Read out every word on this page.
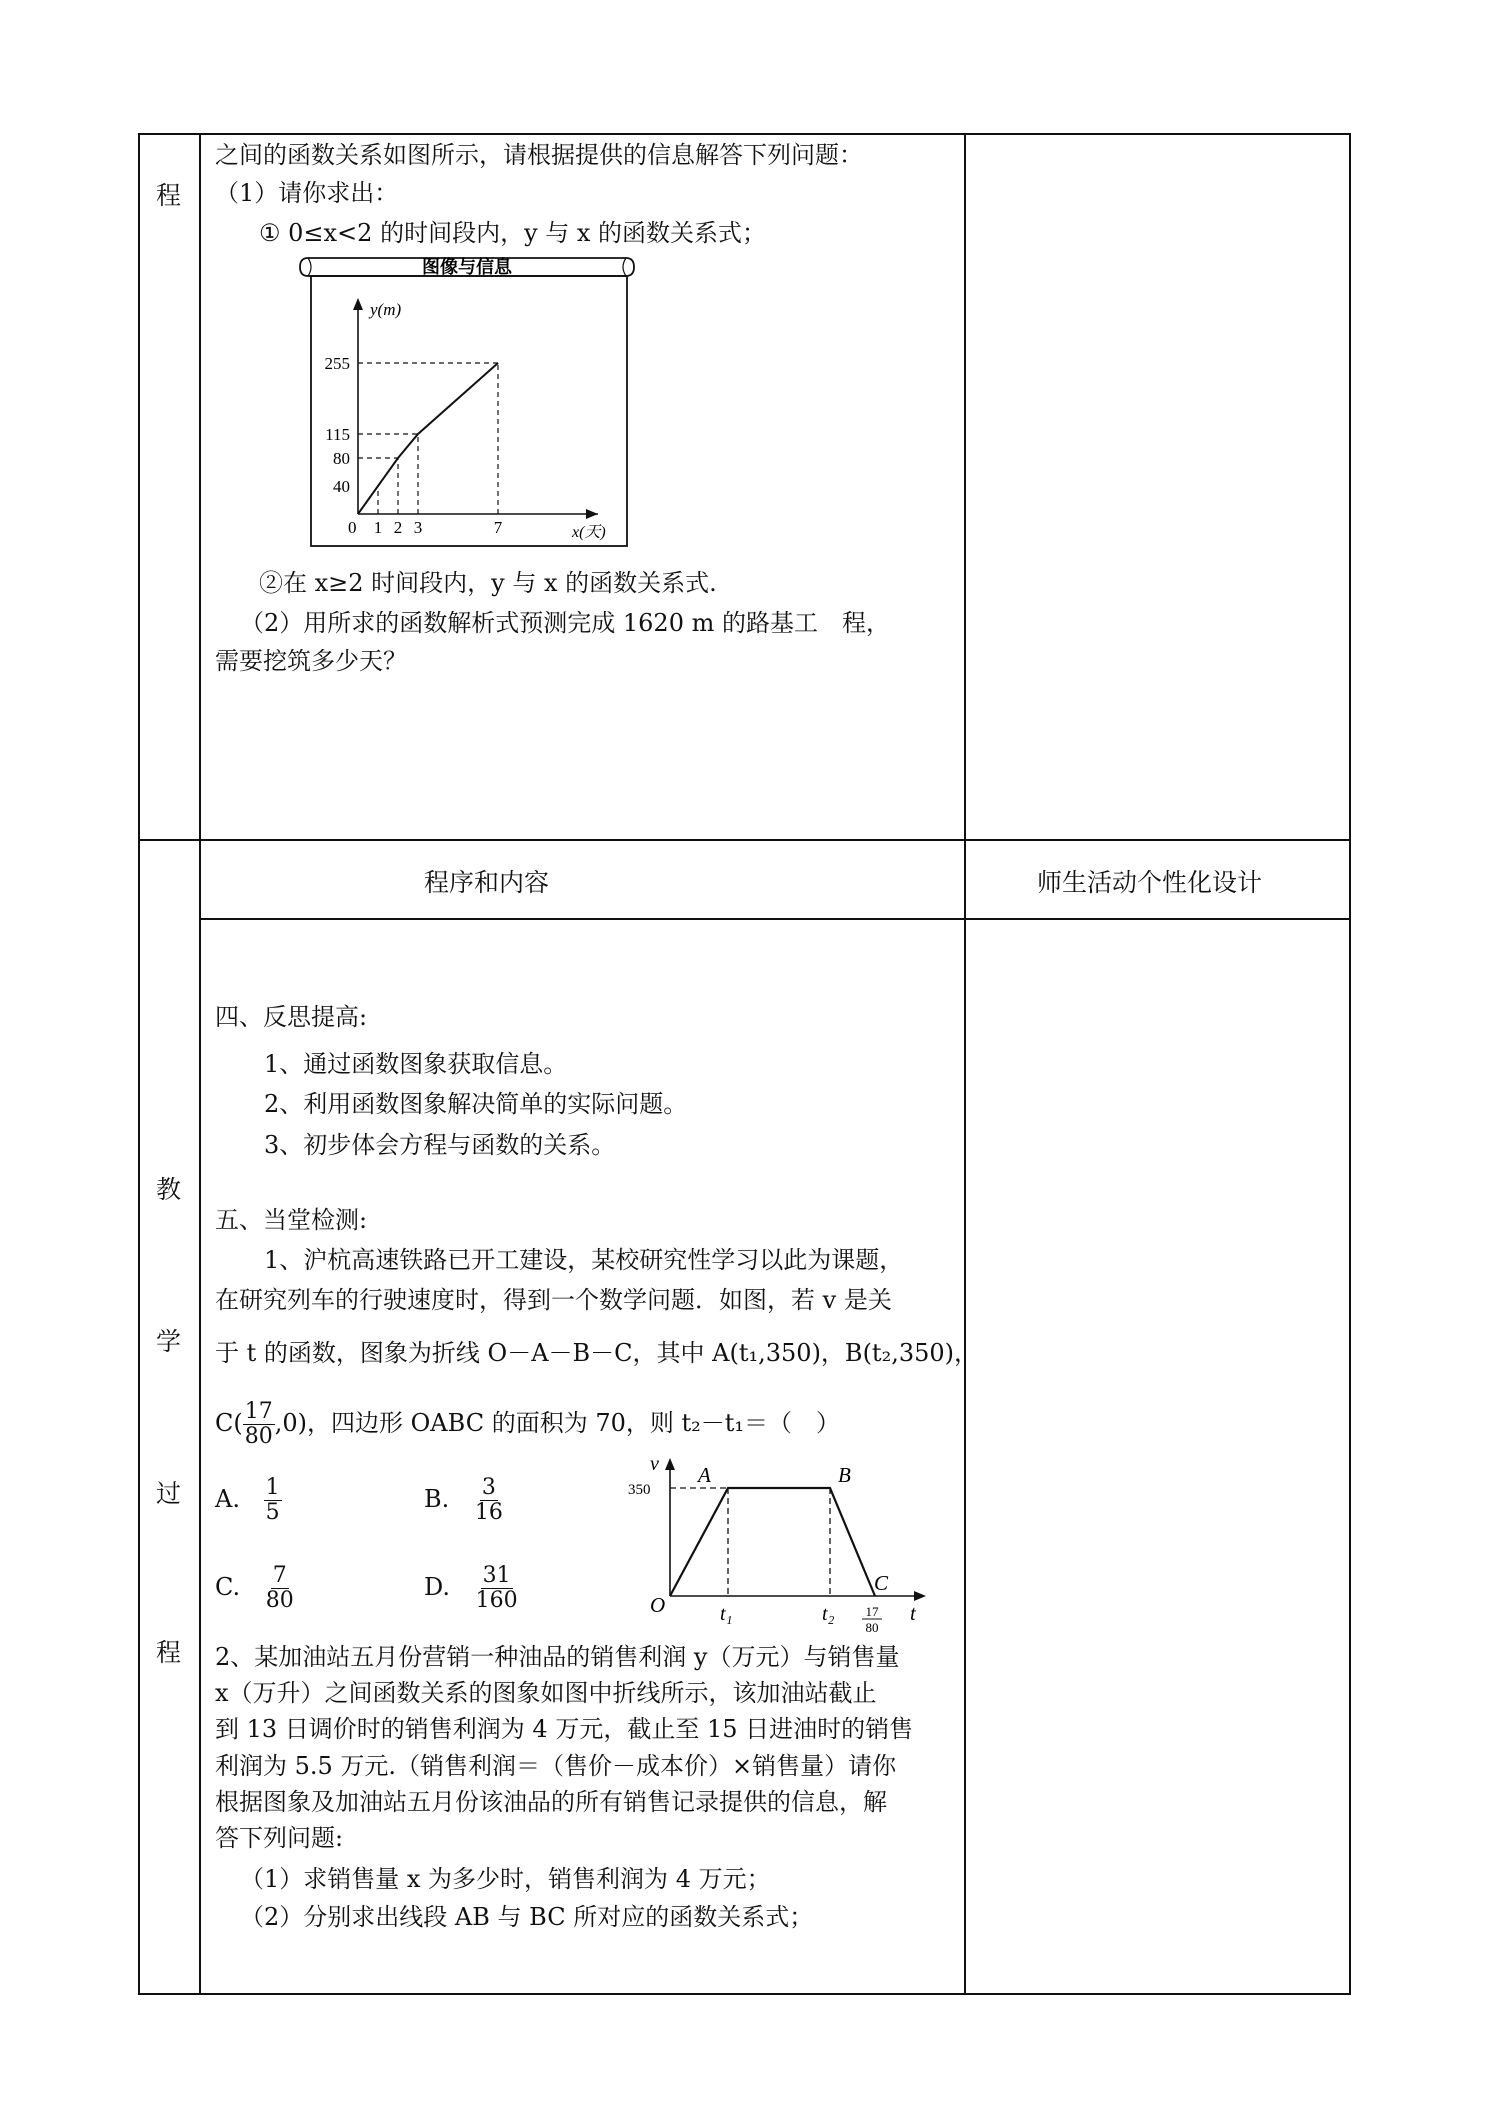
程
教
学
过
程
之间的函数关系如图所示，请根据提供的信息解答下列问题：
（1）请你求出：
① 0≤x<2 的时间段内，y 与 x 的函数关系式；
图像与信息
y(m)
255
115
80
40
0 1 2 3	7	x(天)
②在 x≥2 时间段内，y 与 x 的函数关系式.
（2）用所求的函数解析式预测完成 1620 m 的路基工　程，
需要挖筑多少天？
程序和内容	师生活动个性化设计
四、反思提高:
1、通过函数图象获取信息。
2、利用函数图象解决简单的实际问题。
3、初步体会方程与函数的关系。
五、当堂检测:
1、沪杭高速铁路已开工建设，某校研究性学习以此为课题，
在研究列车的行驶速度时，得到一个数学问题．如图，若 v 是关
于 t 的函数，图象为折线 O－A－B－C，其中 A(t₁,350)，B(t₂,350)，
$C( \frac{17}{80} ,0)$，四边形 OABC 的面积为 70，则 t₂－t₁＝（　）
A. $\frac{1}{5}$	B. $\frac{3}{16}$
C. $\frac{7}{80}$	D. $\frac{31}{160}$
v
350
A	B
C
O	t₁	t₂ 17
80
t
2、某加油站五月份营销一种油品的销售利润 y（万元）与销售量
x（万升）之间函数关系的图象如图中折线所示，该加油站截止
到 13 日调价时的销售利润为 4 万元，截止至 15 日进油时的销售
利润为 5.5 万元.（销售利润＝（售价－成本价）×销售量）请你
根据图象及加油站五月份该油品的所有销售记录提供的信息，解
答下列问题:
（1）求销售量 x 为多少时，销售利润为 4 万元；
（2）分别求出线段 AB 与 BC 所对应的函数关系式；
